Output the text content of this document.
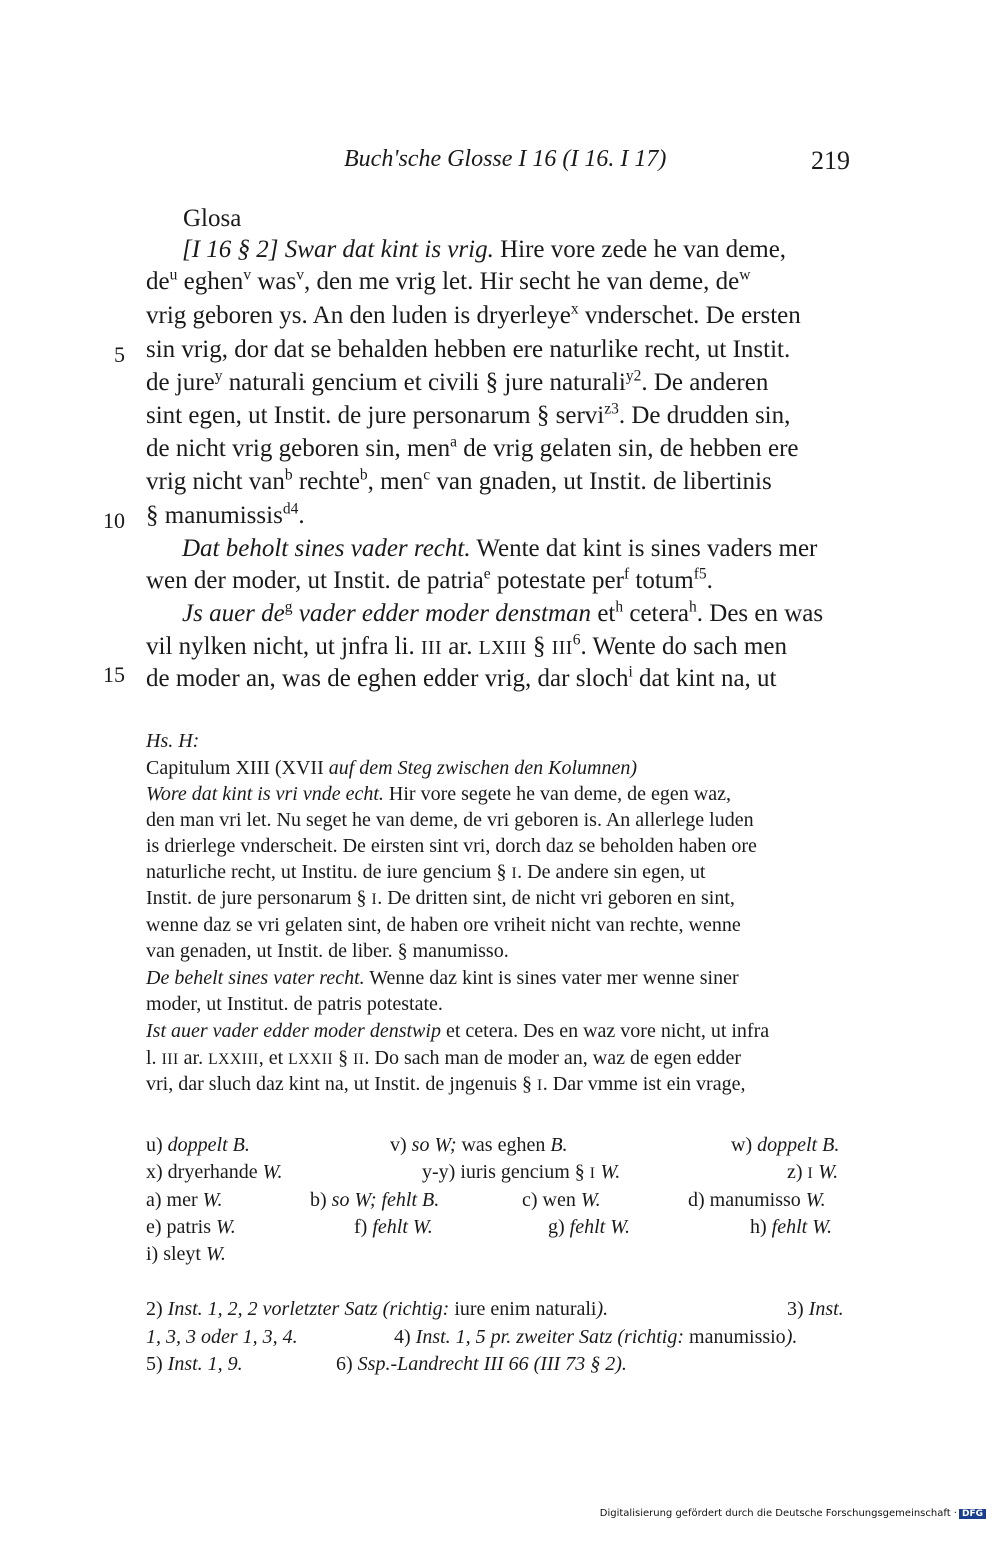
Buch'sche Glosse I 16 (I 16. I 17)	219
Glosa
5
10
15
[I 16 § 2] Swar dat kint is vrig. Hire vore zede he van deme,
$de^u$ eghen$^v$ was$^v$, den me vrig let. Hir secht he van deme, $de^w$
vrig geboren ys. An den luden is dryerleye$^x$ vnderschet. De ersten
sin vrig, dor dat se behalden hebben ere naturlike recht, ut Instit.
de jure$^y$ naturali gencium et civili § jure naturali$^{y2}$. De anderen
sint egen, ut Instit. de jure personarum § servi$^{z3}$. De drudden sin,
de nicht vrig geboren sin, men$^a$ de vrig gelaten sin, de hebben ere
vrig nicht van$^b$ rechte$^b$, men$^c$ van gnaden, ut Instit. de libertinis
§ manumissis$^{d4}$.
Dat beholt sines vader recht. Wente dat kint is sines vaders mer
wen der moder, ut Instit. de patria$^e$ potestate per$^f$ totum$^{f5}$.
Js auer $de^g$ vader edder moder denstman $et^h$ cetera$^h$. Des en was
vil nylken nicht, ut jnfra li. III ar. LXIII § III$^6$. Wente do sach men
de moder an, was de eghen edder vrig, dar sloch$^i$ dat kint na, ut
Hs. H:
Capitulum XIII (XVII auf dem Steg zwischen den Kolumnen)
Wore dat kint is vri vnde echt. Hir vore segete he van deme, de egen waz,
den man vri let. Nu seget he van deme, de vri geboren is. An allerlege luden
is drierlege vnderscheit. De eirsten sint vri, dorch daz se beholden haben ore
naturliche recht, ut Institu. de iure gencium § I. De andere sin egen, ut
Instit. de jure personarum § I. De dritten sint, de nicht vri geboren en sint,
wenne daz se vri gelaten sint, de haben ore vriheit nicht van rechte, wenne
van genaden, ut Instit. de liber. § manumisso.
De behelt sines vater recht. Wenne daz kint is sines vater mer wenne siner
moder, ut Institut. de patris potestate.
Ist auer vader edder moder denstwip et cetera. Des en waz vore nicht, ut infra
l. III ar. LXXIII, et LXXII § II. Do sach man de moder an, waz de egen edder
vri, dar sluch daz kint na, ut Instit. de jngenuis § I. Dar vmme ist ein vrage,
u) doppelt B.	v) so W; was eghen B.	w) doppelt B.
x) dryerhande W.	y-y) iuris gencium § I W.	z) I W.
a) mer W.	b) so W; fehlt B.	c) wen W.	d) manumisso W.
e) patris W.	f) fehlt W.	g) fehlt W.	h) fehlt W.
i) sleyt W.
2) Inst. 1, 2, 2 vorletzter Satz (richtig: iure enim naturali).	3) Inst.
1, 3, 3 oder 1, 3, 4.	4) Inst. 1, 5 pr. zweiter Satz (richtig: manumissio).
5) Inst. 1, 9.	6) Ssp.-Landrecht III 66 (III 73 § 2).
Digitalisierung gefördert durch die Deutsche Forschungsgemeinschaft · DFG
